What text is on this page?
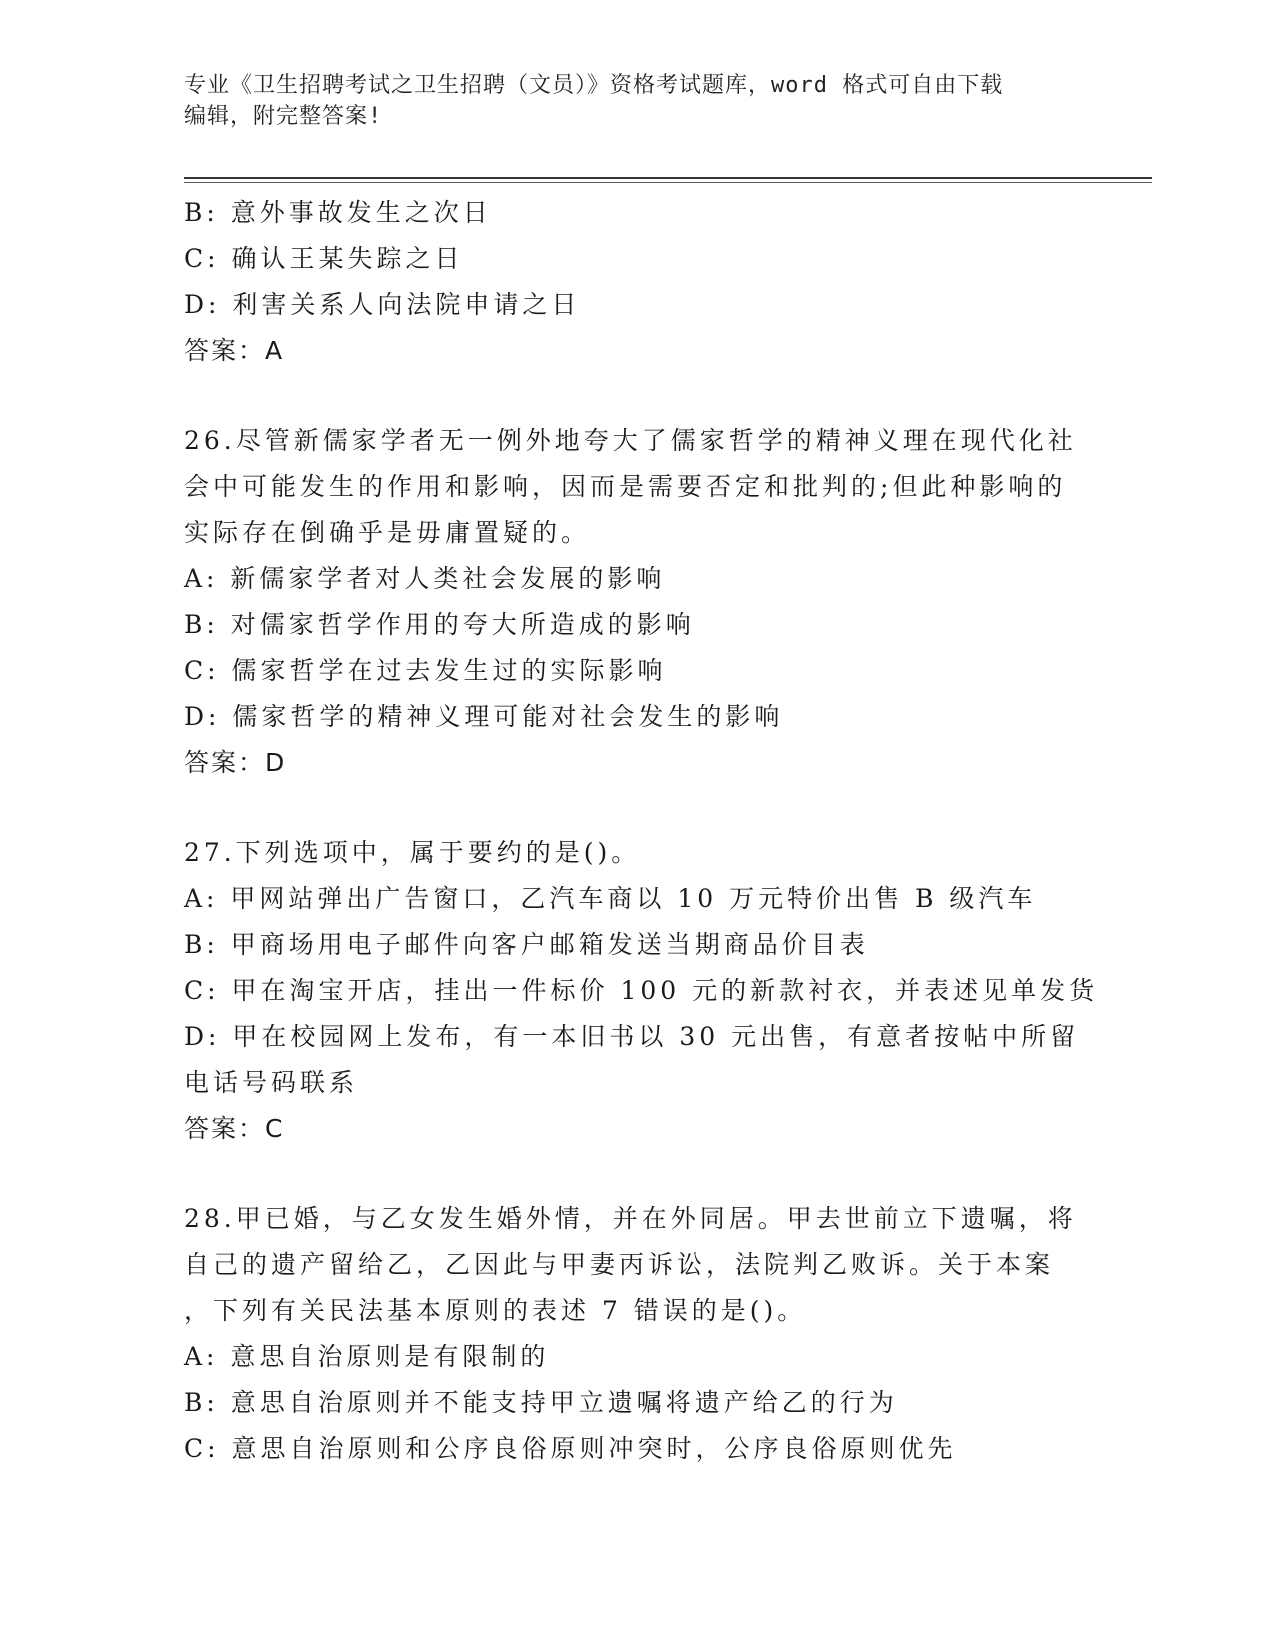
专业《卫生招聘考试之卫生招聘（文员）》资格考试题库，word 格式可自由下载
编辑，附完整答案!
B: 意外事故发生之次日
C: 确认王某失踪之日
D: 利害关系人向法院申请之日
答案：A
26.尽管新儒家学者无一例外地夸大了儒家哲学的精神义理在现代化社
会中可能发生的作用和影响，因而是需要否定和批判的;但此种影响的
实际存在倒确乎是毋庸置疑的。
A: 新儒家学者对人类社会发展的影响
B: 对儒家哲学作用的夸大所造成的影响
C: 儒家哲学在过去发生过的实际影响
D: 儒家哲学的精神义理可能对社会发生的影响
答案：D
27.下列选项中，属于要约的是()。
A: 甲网站弹出广告窗口，乙汽车商以 10 万元特价出售 B 级汽车
B: 甲商场用电子邮件向客户邮箱发送当期商品价目表
C: 甲在淘宝开店，挂出一件标价 100 元的新款衬衣，并表述见单发货
D: 甲在校园网上发布，有一本旧书以 30 元出售，有意者按帖中所留
电话号码联系
答案：C
28.甲已婚，与乙女发生婚外情，并在外同居。甲去世前立下遗嘱，将
自己的遗产留给乙，乙因此与甲妻丙诉讼，法院判乙败诉。关于本案
，下列有关民法基本原则的表述 7 错误的是()。
A: 意思自治原则是有限制的
B: 意思自治原则并不能支持甲立遗嘱将遗产给乙的行为
C: 意思自治原则和公序良俗原则冲突时，公序良俗原则优先
